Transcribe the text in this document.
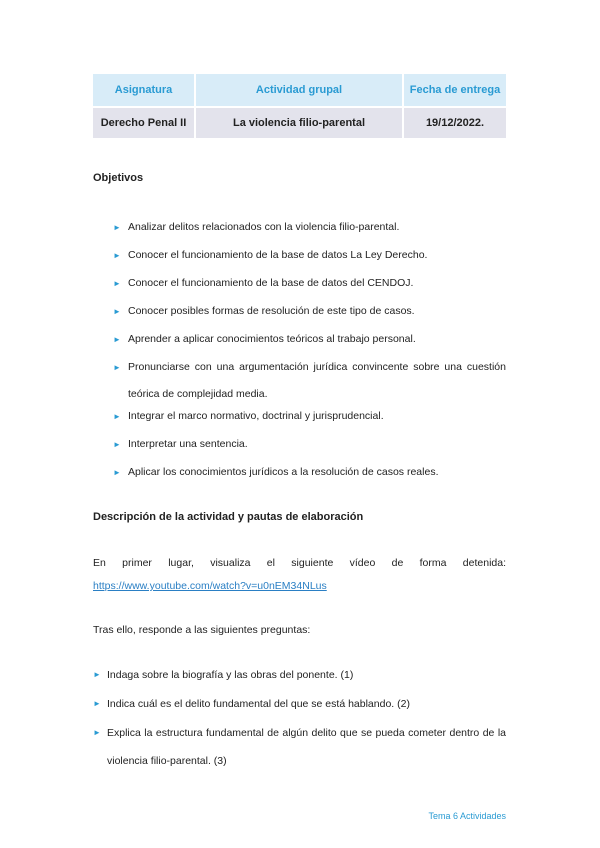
Asignatura	Actividad grupal	Fecha de entrega
Derecho Penal II	La violencia filio-parental	19/12/2022.
Objetivos
► Analizar delitos relacionados con la violencia filio-parental.
► Conocer el funcionamiento de la base de datos La Ley Derecho.
► Conocer el funcionamiento de la base de datos del CENDOJ.
► Conocer posibles formas de resolución de este tipo de casos.
► Aprender a aplicar conocimientos teóricos al trabajo personal.
► Pronunciarse con una argumentación jurídica convincente sobre una cuestión teórica de complejidad media.
► Integrar el marco normativo, doctrinal y jurisprudencial.
► Interpretar una sentencia.
► Aplicar los conocimientos jurídicos a la resolución de casos reales.
Descripción de la actividad y pautas de elaboración
En primer lugar, visualiza el siguiente vídeo de forma detenida:
https://www.youtube.com/watch?v=u0nEM34NLus
Tras ello, responde a las siguientes preguntas:
► Indaga sobre la biografía y las obras del ponente. (1)
► Indica cuál es el delito fundamental del que se está hablando. (2)
► Explica la estructura fundamental de algún delito que se pueda cometer dentro de la violencia filio-parental. (3)
Tema 6 Actividades
